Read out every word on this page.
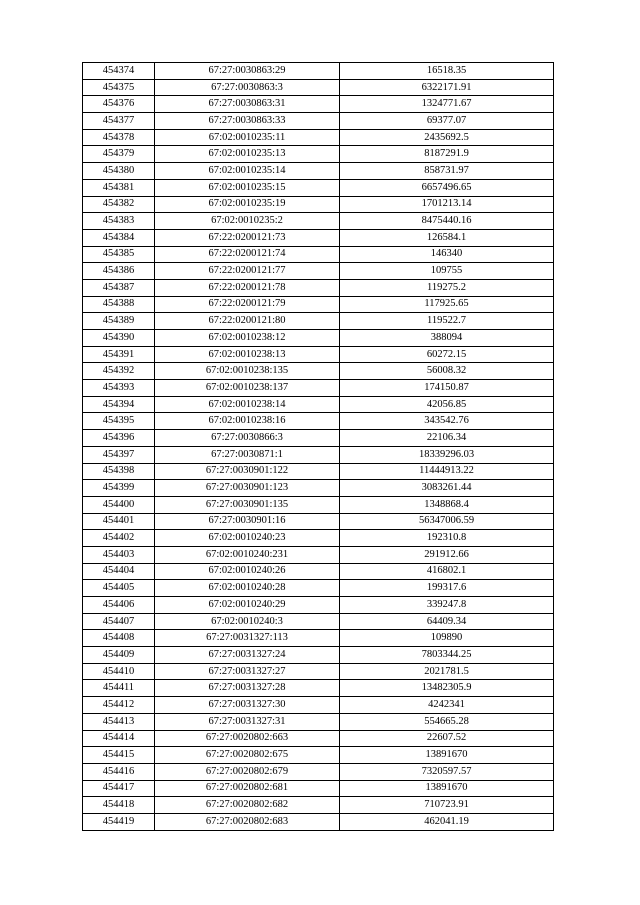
454374	67:27:0030863:29	16518.35
454375	67:27:0030863:3	6322171.91
454376	67:27:0030863:31	1324771.67
454377	67:27:0030863:33	69377.07
454378	67:02:0010235:11	2435692.5
454379	67:02:0010235:13	8187291.9
454380	67:02:0010235:14	858731.97
454381	67:02:0010235:15	6657496.65
454382	67:02:0010235:19	1701213.14
454383	67:02:0010235:2	8475440.16
454384	67:22:0200121:73	126584.1
454385	67:22:0200121:74	146340
454386	67:22:0200121:77	109755
454387	67:22:0200121:78	119275.2
454388	67:22:0200121:79	117925.65
454389	67:22:0200121:80	119522.7
454390	67:02:0010238:12	388094
454391	67:02:0010238:13	60272.15
454392	67:02:0010238:135	56008.32
454393	67:02:0010238:137	174150.87
454394	67:02:0010238:14	42056.85
454395	67:02:0010238:16	343542.76
454396	67:27:0030866:3	22106.34
454397	67:27:0030871:1	18339296.03
454398	67:27:0030901:122	11444913.22
454399	67:27:0030901:123	3083261.44
454400	67:27:0030901:135	1348868.4
454401	67:27:0030901:16	56347006.59
454402	67:02:0010240:23	192310.8
454403	67:02:0010240:231	291912.66
454404	67:02:0010240:26	416802.1
454405	67:02:0010240:28	199317.6
454406	67:02:0010240:29	339247.8
454407	67:02:0010240:3	64409.34
454408	67:27:0031327:113	109890
454409	67:27:0031327:24	7803344.25
454410	67:27:0031327:27	2021781.5
454411	67:27:0031327:28	13482305.9
454412	67:27:0031327:30	4242341
454413	67:27:0031327:31	554665.28
454414	67:27:0020802:663	22607.52
454415	67:27:0020802:675	13891670
454416	67:27:0020802:679	7320597.57
454417	67:27:0020802:681	13891670
454418	67:27:0020802:682	710723.91
454419	67:27:0020802:683	462041.19
